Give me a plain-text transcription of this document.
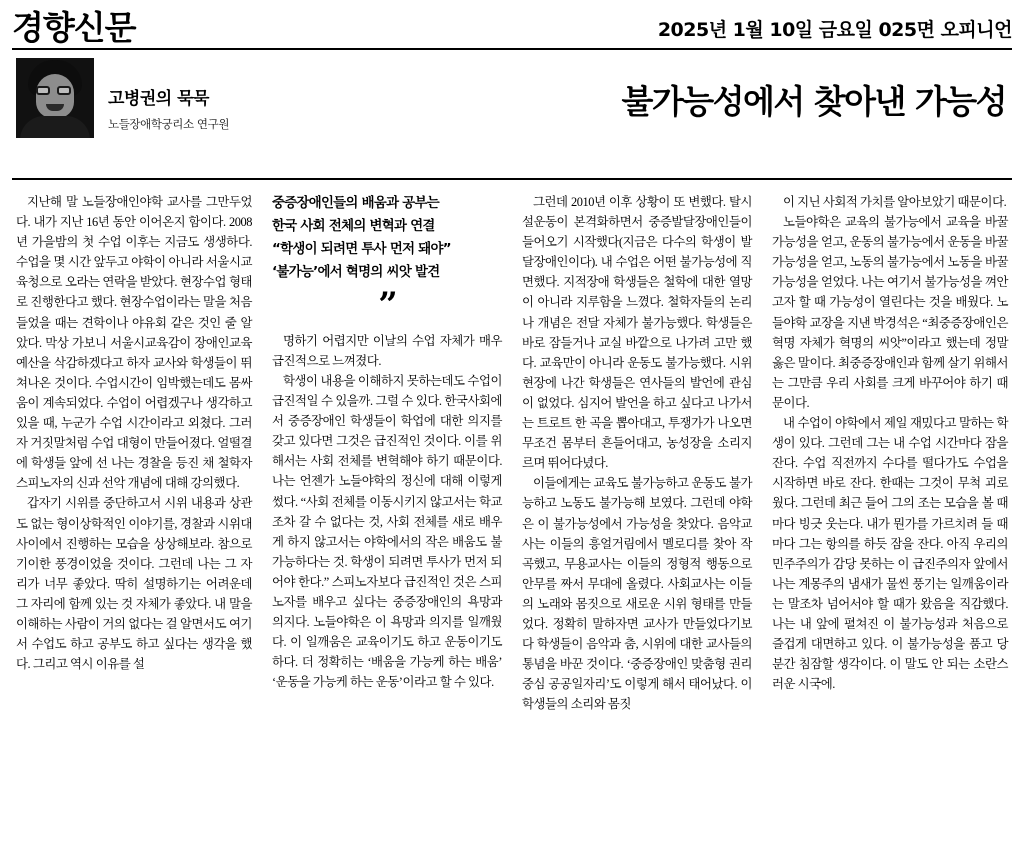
경향신문	2025년 1월 10일 금요일 025면 오피니언
고병권의 묵묵
노들장애학궁리소 연구원
불가능성에서 찾아낸 가능성

지난해 말 노들장애인야학 교사를 그만두었다. 내가 지난 16년 동안 이어온지 함이다. 2008년 가을밤의 첫 수업 이후는 지금도 생생하다. 수업을 몇 시간 앞두고 야학이 아니라 서울시교육청으로 오라는 연락을 받았다. 현장수업 형태로 진행한다고 했다. 현장수업이라는 말을 처음 들었을 때는 견학이나 야유회 같은 것인 줄 알았다. 막상 가보니 서울시교육감이 장애인교육 예산을 삭감하겠다고 하자 교사와 학생들이 뛰쳐나온 것이다. 수업시간이 임박했는데도 몸싸움이 계속되었다. 수업이 어렵겠구나 생각하고 있을 때, 누군가 수업 시간이라고 외쳤다. 그러자 거짓말처럼 수업 대형이 만들어졌다. 얼떨결에 학생들 앞에 선 나는 경찰을 등진 채 철학자 스피노자의 신과 선악 개념에 대해 강의했다.

갑자기 시위를 중단하고서 시위 내용과 상관도 없는 형이상학적인 이야기를, 경찰과 시위대 사이에서 진행하는 모습을 상상해보라. 참으로 기이한 풍경이었을 것이다. 그런데 나는 그 자리가 너무 좋았다. 딱히 설명하기는 어려운데 그 자리에 함께 있는 것 자체가 좋았다. 내 말을 이해하는 사람이 거의 없다는 걸 알면서도 여기서 수업도 하고 공부도 하고 싶다는 생각을 했다. 그리고 역시 이유를 설

중증장애인들의 배움과 공부는
한국 사회 전체의 변혁과 연결
“학생이 되려면 투사 먼저 돼야”
‘불가능’에서 혁명의 씨앗 발견
”

명하기 어렵지만 이날의 수업 자체가 매우 급진적으로 느껴졌다.

학생이 내용을 이해하지 못하는데도 수업이 급진적일 수 있을까. 그럴 수 있다. 한국사회에서 중증장애인 학생들이 학업에 대한 의지를 갖고 있다면 그것은 급진적인 것이다. 이를 위해서는 사회 전체를 변혁해야 하기 때문이다. 나는 언젠가 노들야학의 정신에 대해 이렇게 썼다. “사회 전체를 이동시키지 않고서는 학교조차 갈 수 없다는 것, 사회 전체를 새로 배우게 하지 않고서는 야학에서의 작은 배움도 불가능하다는 것. 학생이 되려면 투사가 먼저 되어야 한다.” 스피노자보다 급진적인 것은 스피노자를 배우고 싶다는 중증장애인의 욕망과 의지다. 노들야학은 이 욕망과 의지를 일깨웠다. 이 일깨움은 교육이기도 하고 운동이기도 하다. 더 정확히는 ‘배움을 가능케 하는 배움’ ‘운동을 가능케 하는 운동’이라고 할 수 있다.

그런데 2010년 이후 상황이 또 변했다. 탈시설운동이 본격화하면서 중증발달장애인들이 들어오기 시작했다(지금은 다수의 학생이 발달장애인이다). 내 수업은 어떤 불가능성에 직면했다. 지적장애 학생들은 철학에 대한 열망이 아니라 지루함을 느꼈다. 철학자들의 논리나 개념은 전달 자체가 불가능했다. 학생들은 바로 잠들거나 교실 바깥으로 나가려 고만 했다. 교육만이 아니라 운동도 불가능했다. 시위 현장에 나간 학생들은 연사들의 발언에 관심이 없었다. 심지어 발언을 하고 싶다고 나가서는 트로트 한 곡을 뽑아대고, 투쟁가가 나오면 무조건 몸부터 흔들어대고, 농성장을 소리지르며 뛰어다녔다.

이들에게는 교육도 불가능하고 운동도 불가능하고 노동도 불가능해 보였다. 그런데 야학은 이 불가능성에서 가능성을 찾았다. 음악교사는 이들의 흥얼거림에서 멜로디를 찾아 작곡했고, 무용교사는 이들의 정형적 행동으로 안무를 짜서 무대에 올렸다. 사회교사는 이들의 노래와 몸짓으로 새로운 시위 형태를 만들었다. 정확히 말하자면 교사가 만들었다기보다 학생들이 음악과 춤, 시위에 대한 교사들의 통념을 바꾼 것이다. ‘중증장애인 맞춤형 권리중심 공공일자리’도 이렇게 해서 태어났다. 이 학생들의 소리와 몸짓

이 지닌 사회적 가치를 알아보았기 때문이다.

노들야학은 교육의 불가능에서 교육을 바꿀 가능성을 얻고, 운동의 불가능에서 운동을 바꿀 가능성을 얻고, 노동의 불가능에서 노동을 바꿀 가능성을 얻었다. 나는 여기서 불가능성을 껴안고자 할 때 가능성이 열린다는 것을 배웠다. 노들야학 교장을 지낸 박경석은 “최중증장애인은 혁명 자체가 혁명의 씨앗”이라고 했는데 정말 옳은 말이다. 최중증장애인과 함께 살기 위해서는 그만큼 우리 사회를 크게 바꾸어야 하기 때문이다.

내 수업이 야학에서 제일 재밌다고 말하는 학생이 있다. 그런데 그는 내 수업 시간마다 잠을 잔다. 수업 직전까지 수다를 떨다가도 수업을 시작하면 바로 잔다. 한때는 그것이 무척 괴로웠다. 그런데 최근 들어 그의 조는 모습을 볼 때마다 빙긋 웃는다. 내가 뭔가를 가르치려 들 때마다 그는 항의를 하듯 잠을 잔다. 아직 우리의 민주주의가 감당 못하는 이 급진주의자 앞에서 나는 계몽주의 냄새가 물씬 풍기는 일깨움이라는 말조차 넘어서야 할 때가 왔음을 직감했다. 나는 내 앞에 펼쳐진 이 불가능성과 처음으로 즐겁게 대면하고 있다. 이 불가능성을 품고 당분간 침잠할 생각이다. 이 말도 안 되는 소란스러운 시국에.
